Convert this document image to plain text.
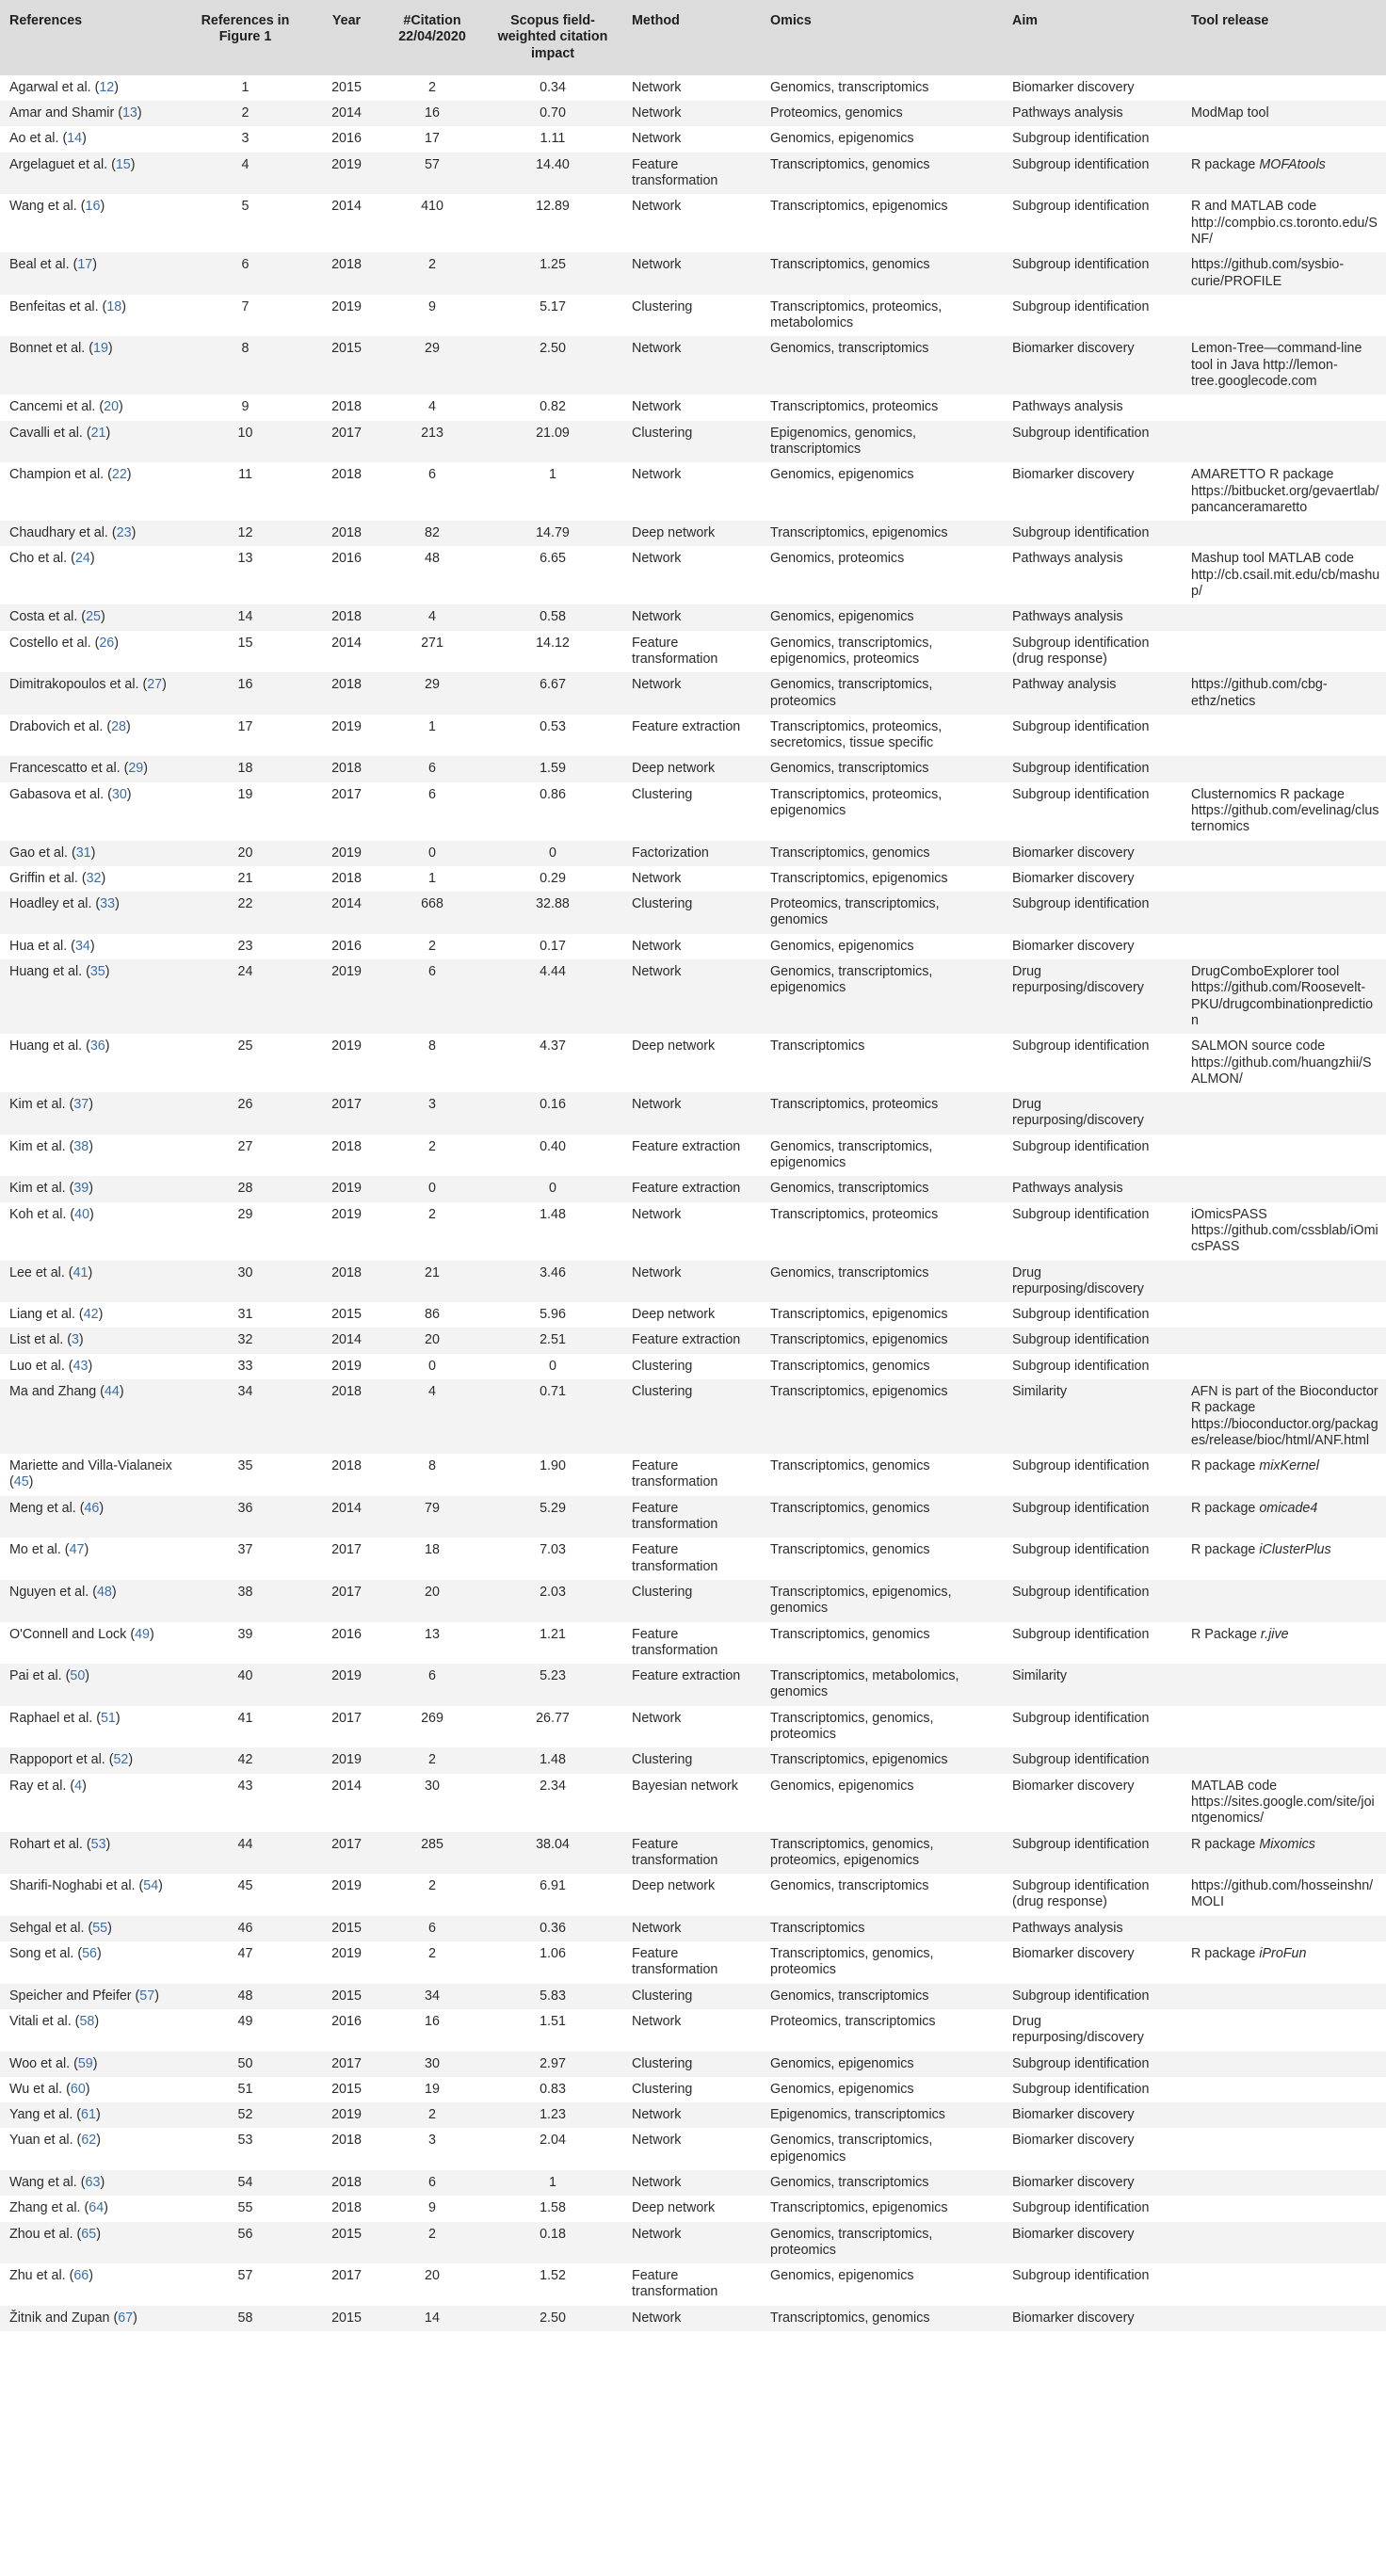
References	References in Figure 1	Year	#Citation 22/04/2020	Scopus field-weighted citation impact	Method	Omics	Aim	Tool release
Agarwal et al. (12)	1	2015	2	0.34	Network	Genomics, transcriptomics	Biomarker discovery	
Amar and Shamir (13)	2	2014	16	0.70	Network	Proteomics, genomics	Pathways analysis	ModMap tool
Ao et al. (14)	3	2016	17	1.11	Network	Genomics, epigenomics	Subgroup identification	
Argelaguet et al. (15)	4	2019	57	14.40	Feature transformation	Transcriptomics, genomics	Subgroup identification	R package MOFAtools
Wang et al. (16)	5	2014	410	12.89	Network	Transcriptomics, epigenomics	Subgroup identification	R and MATLAB code http://compbio.cs.toronto.edu/SNF/
Beal et al. (17)	6	2018	2	1.25	Network	Transcriptomics, genomics	Subgroup identification	https://github.com/sysbio-curie/PROFILE
Benfeitas et al. (18)	7	2019	9	5.17	Clustering	Transcriptomics, proteomics, metabolomics	Subgroup identification	
Bonnet et al. (19)	8	2015	29	2.50	Network	Genomics, transcriptomics	Biomarker discovery	Lemon-Tree—command-line tool in Java http://lemon-tree.googlecode.com
Cancemi et al. (20)	9	2018	4	0.82	Network	Transcriptomics, proteomics	Pathways analysis	
Cavalli et al. (21)	10	2017	213	21.09	Clustering	Epigenomics, genomics, transcriptomics	Subgroup identification	
Champion et al. (22)	11	2018	6	1	Network	Genomics, epigenomics	Biomarker discovery	AMARETTO R package https://bitbucket.org/gevaertlab/pancanceramaretto
Chaudhary et al. (23)	12	2018	82	14.79	Deep network	Transcriptomics, epigenomics	Subgroup identification	
Cho et al. (24)	13	2016	48	6.65	Network	Genomics, proteomics	Pathways analysis	Mashup tool MATLAB code http://cb.csail.mit.edu/cb/mashup/
Costa et al. (25)	14	2018	4	0.58	Network	Genomics, epigenomics	Pathways analysis	
Costello et al. (26)	15	2014	271	14.12	Feature transformation	Genomics, transcriptomics, epigenomics, proteomics	Subgroup identification (drug response)	
Dimitrakopoulos et al. (27)	16	2018	29	6.67	Network	Genomics, transcriptomics, proteomics	Pathway analysis	https://github.com/cbg-ethz/netics
Drabovich et al. (28)	17	2019	1	0.53	Feature extraction	Transcriptomics, proteomics, secretomics, tissue specific	Subgroup identification	
Francescatto et al. (29)	18	2018	6	1.59	Deep network	Genomics, transcriptomics	Subgroup identification	
Gabasova et al. (30)	19	2017	6	0.86	Clustering	Transcriptomics, proteomics, epigenomics	Subgroup identification	Clusternomics R package https://github.com/evelinag/clusternomics
Gao et al. (31)	20	2019	0	0	Factorization	Transcriptomics, genomics	Biomarker discovery	
Griffin et al. (32)	21	2018	1	0.29	Network	Transcriptomics, epigenomics	Biomarker discovery	
Hoadley et al. (33)	22	2014	668	32.88	Clustering	Proteomics, transcriptomics, genomics	Subgroup identification	
Hua et al. (34)	23	2016	2	0.17	Network	Genomics, epigenomics	Biomarker discovery	
Huang et al. (35)	24	2019	6	4.44	Network	Genomics, transcriptomics, epigenomics	Drug repurposing/discovery	DrugComboExplorer tool https://github.com/Roosevelt-PKU/drugcombinationprediction
Huang et al. (36)	25	2019	8	4.37	Deep network	Transcriptomics	Subgroup identification	SALMON source code https://github.com/huangzhii/SALMON/
Kim et al. (37)	26	2017	3	0.16	Network	Transcriptomics, proteomics	Drug repurposing/discovery	
Kim et al. (38)	27	2018	2	0.40	Feature extraction	Genomics, transcriptomics, epigenomics	Subgroup identification	
Kim et al. (39)	28	2019	0	0	Feature extraction	Genomics, transcriptomics	Pathways analysis	
Koh et al. (40)	29	2019	2	1.48	Network	Transcriptomics, proteomics	Subgroup identification	iOmicsPASS https://github.com/cssblab/iOmicsPASS
Lee et al. (41)	30	2018	21	3.46	Network	Genomics, transcriptomics	Drug repurposing/discovery	
Liang et al. (42)	31	2015	86	5.96	Deep network	Transcriptomics, epigenomics	Subgroup identification	
List et al. (3)	32	2014	20	2.51	Feature extraction	Transcriptomics, epigenomics	Subgroup identification	
Luo et al. (43)	33	2019	0	0	Clustering	Transcriptomics, genomics	Subgroup identification	
Ma and Zhang (44)	34	2018	4	0.71	Clustering	Transcriptomics, epigenomics	Similarity	AFN is part of the Bioconductor R package https://bioconductor.org/packages/release/bioc/html/ANF.html
Mariette and Villa-Vialaneix (45)	35	2018	8	1.90	Feature transformation	Transcriptomics, genomics	Subgroup identification	R package mixKernel
Meng et al. (46)	36	2014	79	5.29	Feature transformation	Transcriptomics, genomics	Subgroup identification	R package omicade4
Mo et al. (47)	37	2017	18	7.03	Feature transformation	Transcriptomics, genomics	Subgroup identification	R package iClusterPlus
Nguyen et al. (48)	38	2017	20	2.03	Clustering	Transcriptomics, epigenomics, genomics	Subgroup identification	
O'Connell and Lock (49)	39	2016	13	1.21	Feature transformation	Transcriptomics, genomics	Subgroup identification	R Package r.jive
Pai et al. (50)	40	2019	6	5.23	Feature extraction	Transcriptomics, metabolomics, genomics	Similarity	
Raphael et al. (51)	41	2017	269	26.77	Network	Transcriptomics, genomics, proteomics	Subgroup identification	
Rappoport et al. (52)	42	2019	2	1.48	Clustering	Transcriptomics, epigenomics	Subgroup identification	
Ray et al. (4)	43	2014	30	2.34	Bayesian network	Genomics, epigenomics	Biomarker discovery	MATLAB code https://sites.google.com/site/jointgenomics/
Rohart et al. (53)	44	2017	285	38.04	Feature transformation	Transcriptomics, genomics, proteomics, epigenomics	Subgroup identification	R package Mixomics
Sharifi-Noghabi et al. (54)	45	2019	2	6.91	Deep network	Genomics, transcriptomics	Subgroup identification (drug response)	https://github.com/hosseinshn/MOLI
Sehgal et al. (55)	46	2015	6	0.36	Network	Transcriptomics	Pathways analysis	
Song et al. (56)	47	2019	2	1.06	Feature transformation	Transcriptomics, genomics, proteomics	Biomarker discovery	R package iProFun
Speicher and Pfeifer (57)	48	2015	34	5.83	Clustering	Genomics, transcriptomics	Subgroup identification	
Vitali et al. (58)	49	2016	16	1.51	Network	Proteomics, transcriptomics	Drug repurposing/discovery	
Woo et al. (59)	50	2017	30	2.97	Clustering	Genomics, epigenomics	Subgroup identification	
Wu et al. (60)	51	2015	19	0.83	Clustering	Genomics, epigenomics	Subgroup identification	
Yang et al. (61)	52	2019	2	1.23	Network	Epigenomics, transcriptomics	Biomarker discovery	
Yuan et al. (62)	53	2018	3	2.04	Network	Genomics, transcriptomics, epigenomics	Biomarker discovery	
Wang et al. (63)	54	2018	6	1	Network	Genomics, transcriptomics	Biomarker discovery	
Zhang et al. (64)	55	2018	9	1.58	Deep network	Transcriptomics, epigenomics	Subgroup identification	
Zhou et al. (65)	56	2015	2	0.18	Network	Genomics, transcriptomics, proteomics	Biomarker discovery	
Zhu et al. (66)	57	2017	20	1.52	Feature transformation	Genomics, epigenomics	Subgroup identification	
Žitnik and Zupan (67)	58	2015	14	2.50	Network	Transcriptomics, genomics	Biomarker discovery	
